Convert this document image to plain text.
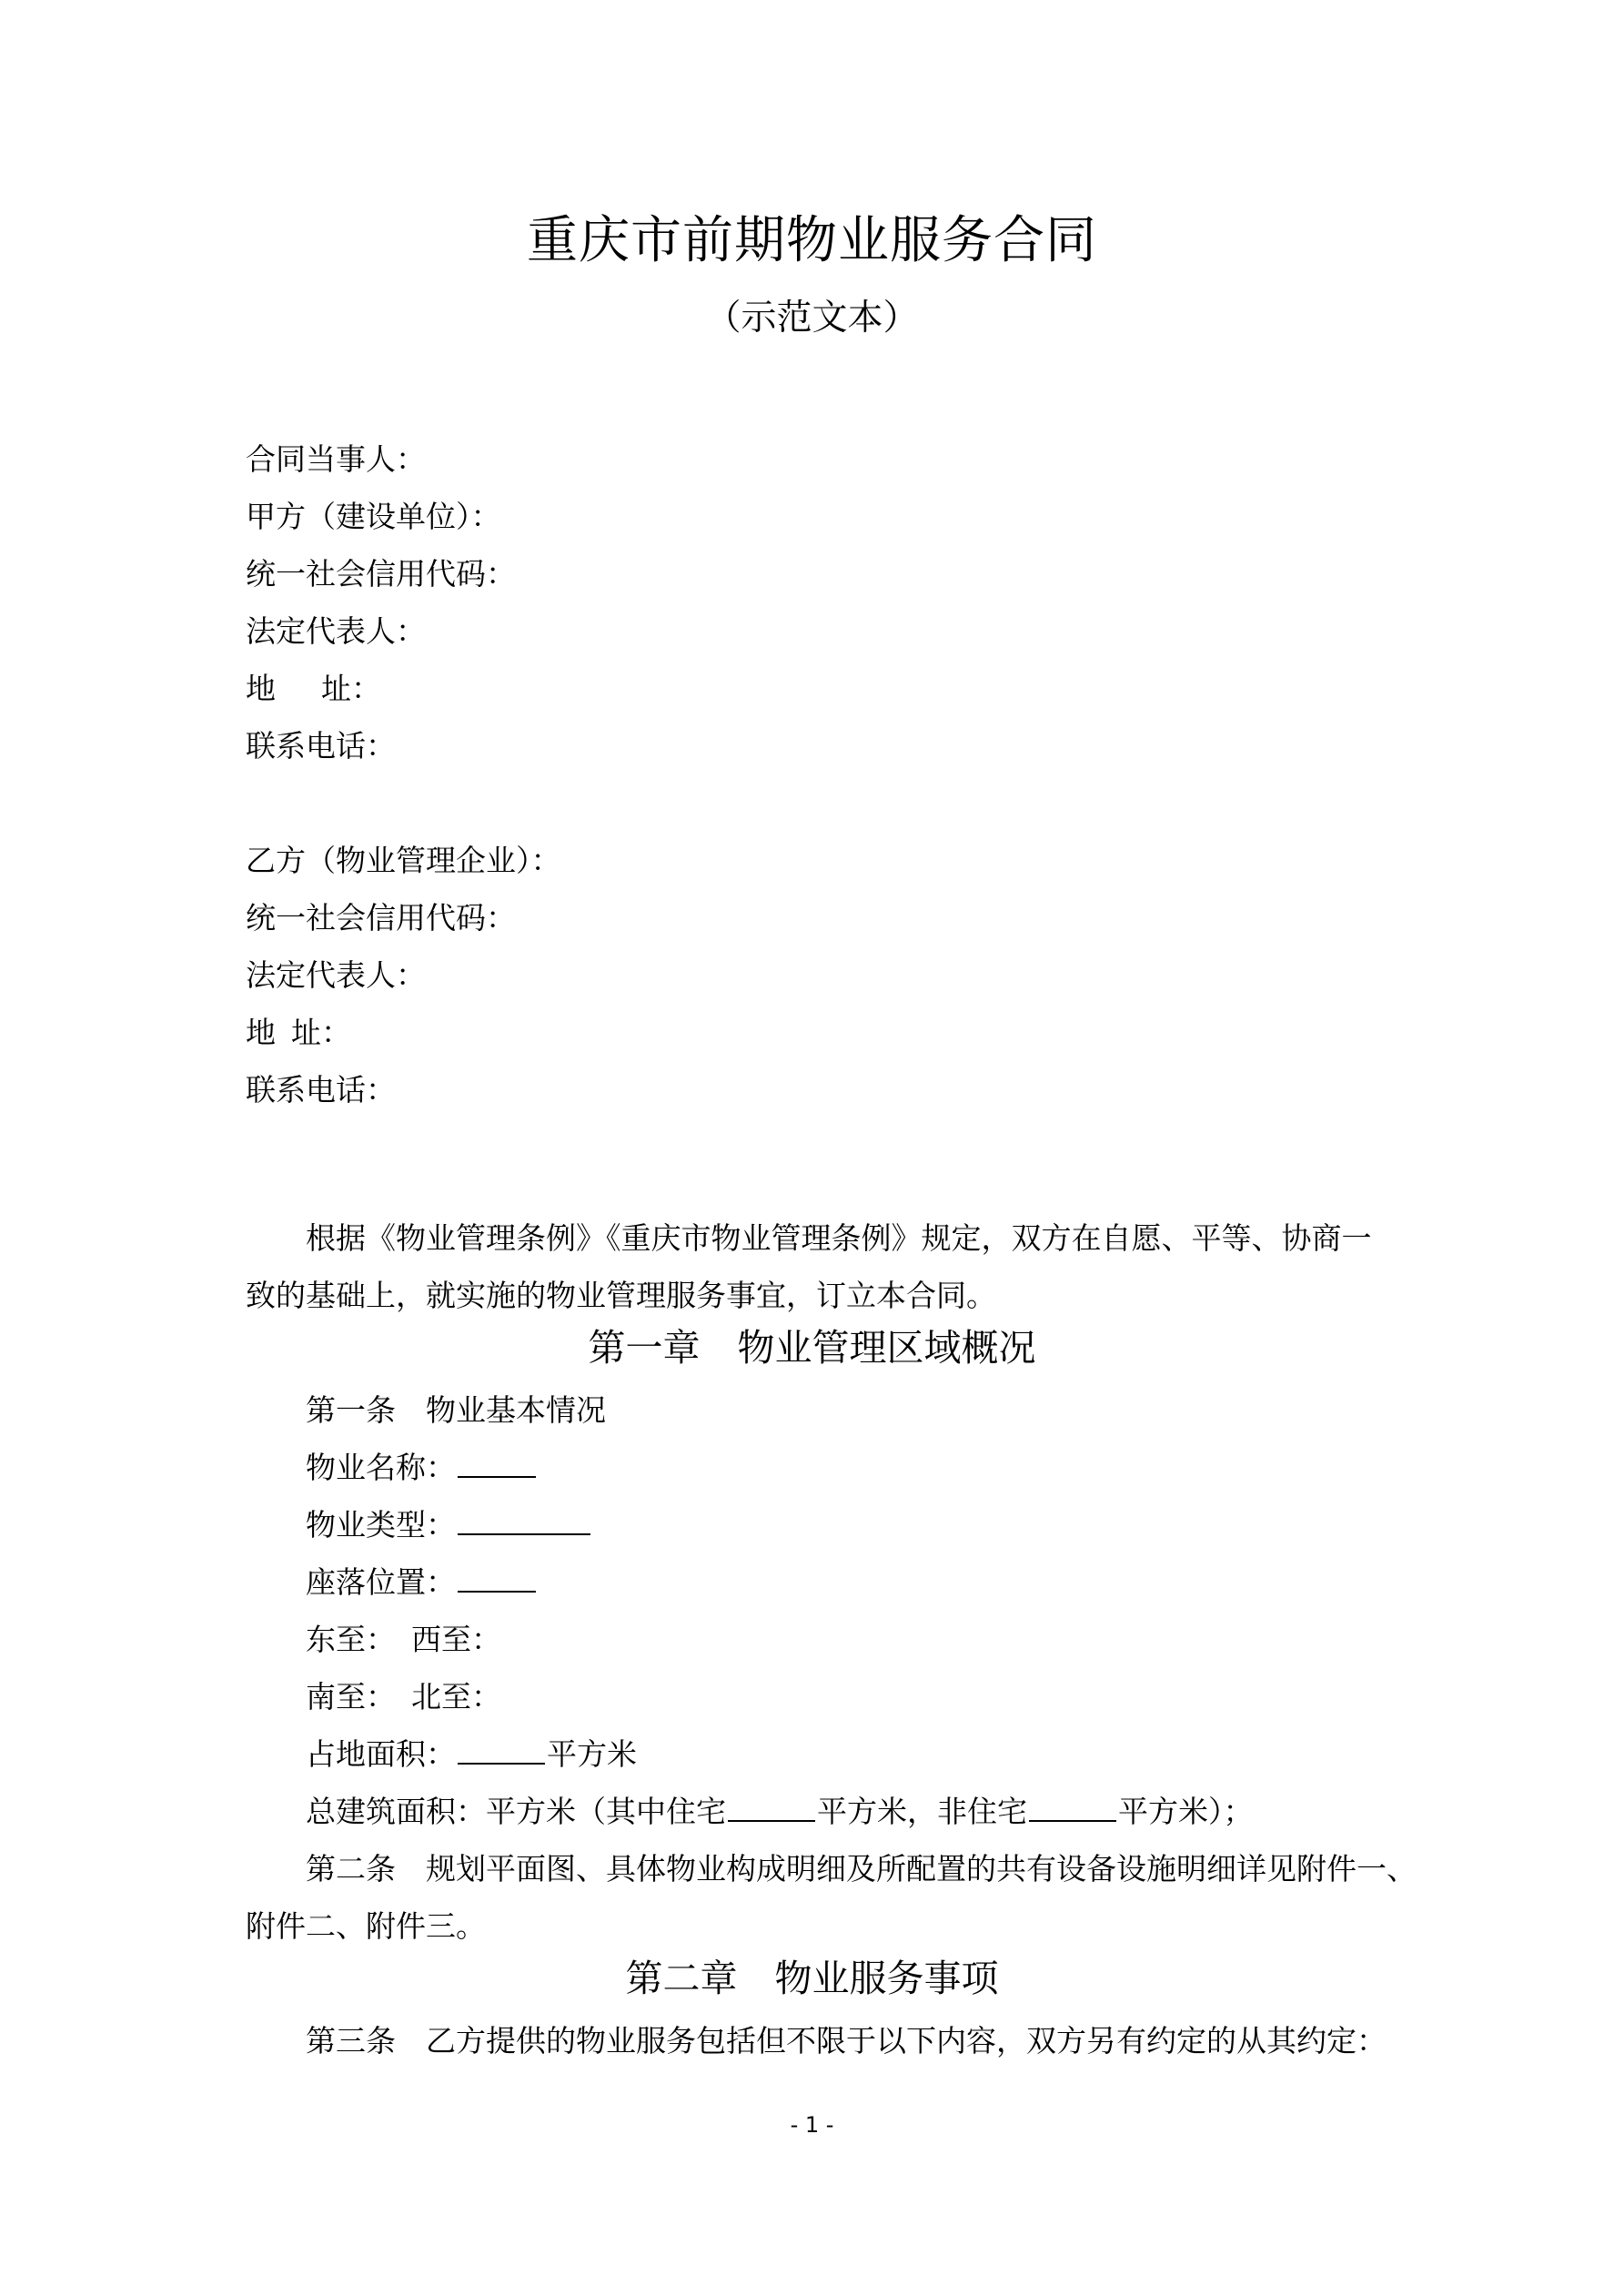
重庆市前期物业服务合同
（示范文本）
合同当事人：
甲方（建设单位）：
统一社会信用代码：
法定代表人：
地 址：
联系电话：
乙方（物业管理企业）：
统一社会信用代码：
法定代表人：
地 址：
联系电话：
根据《物业管理条例》《重庆市物业管理条例》规定，双方在自愿、平等、协商一
致的基础上，就实施的物业管理服务事宜，订立本合同。
第一章　物业管理区域概况
第一条 物业基本情况
物业名称：
物业类型：
座落位置：
东至： 西至：
南至： 北至：
占地面积：	平方米
总建筑面积：平方米（其中住宅	平方米，非住宅	平方米）；
第二条 规划平面图、具体物业构成明细及所配置的共有设备设施明细详见附件一、
附件二、附件三。
第二章　物业服务事项
第三条 乙方提供的物业服务包括但不限于以下内容，双方另有约定的从其约定：
- 1 -
